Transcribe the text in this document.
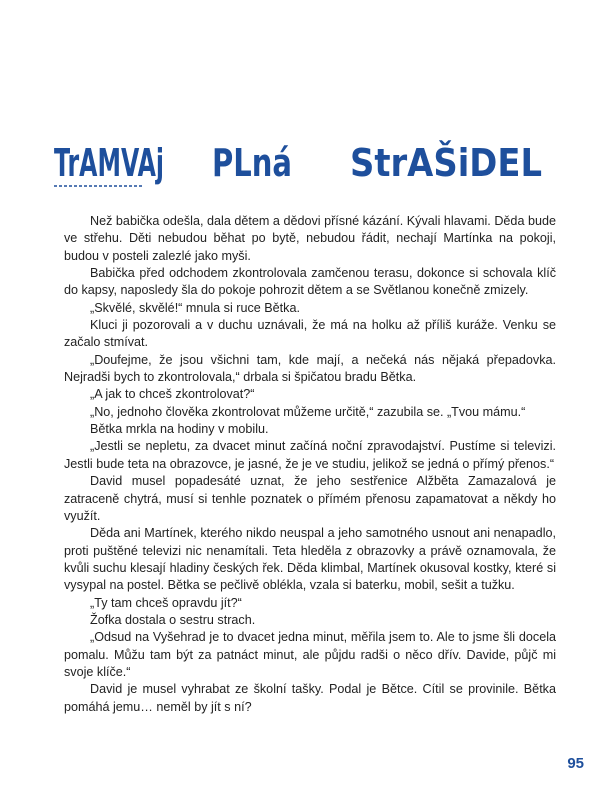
TrAMVAj PLná StrAŠiDEL

Než babička odešla, dala dětem a dědovi přísné kázání. Kývali hlavami. Děda bude ve střehu. Děti nebudou běhat po bytě, nebudou řádit, nechají Martínka na pokoji, budou v posteli zalezlé jako myši.

Babička před odchodem zkontrolovala zamčenou terasu, dokonce si schovala klíč do kapsy, naposledy šla do pokoje pohrozit dětem a se Světlanou konečně zmizely.

„Skvělé, skvělé!“ mnula si ruce Bětka.

Kluci ji pozorovali a v duchu uznávali, že má na holku až příliš kuráže. Venku se začalo stmívat.

„Doufejme, že jsou všichni tam, kde mají, a nečeká nás nějaká přepadovka. Nejradši bych to zkontrolovala,“ drbala si špičatou bradu Bětka.

„A jak to chceš zkontrolovat?“

„No, jednoho člověka zkontrolovat můžeme určitě,“ zazubila se. „Tvou mámu.“

Bětka mrkla na hodiny v mobilu.

„Jestli se nepletu, za dvacet minut začíná noční zpravodajství. Pustíme si televizi. Jestli bude teta na obrazovce, je jasné, že je ve studiu, jelikož se jedná o přímý přenos.“

David musel popadesáté uznat, že jeho sestřenice Alžběta Zamazalová je zatraceně chytrá, musí si tenhle poznatek o přímém přenosu zapamatovat a někdy ho využít.

Děda ani Martínek, kterého nikdo neuspal a jeho samotného usnout ani nenapadlo, proti puštěné televizi nic nenamítali. Teta hleděla z obrazovky a právě oznamovala, že kvůli suchu klesají hladiny českých řek. Děda klimbal, Martínek okusoval kostky, které si vysypal na postel. Bětka se pečlivě oblékla, vzala si baterku, mobil, sešit a tužku.

„Ty tam chceš opravdu jít?“

Žofka dostala o sestru strach.

„Odsud na Vyšehrad je to dvacet jedna minut, měřila jsem to. Ale to jsme šli docela pomalu. Můžu tam být za patnáct minut, ale půjdu radši o něco dřív. Davide, půjč mi svoje klíče.“

David je musel vyhrabat ze školní tašky. Podal je Bětce. Cítil se provinile. Bětka pomáhá jemu… neměl by jít s ní?

95
